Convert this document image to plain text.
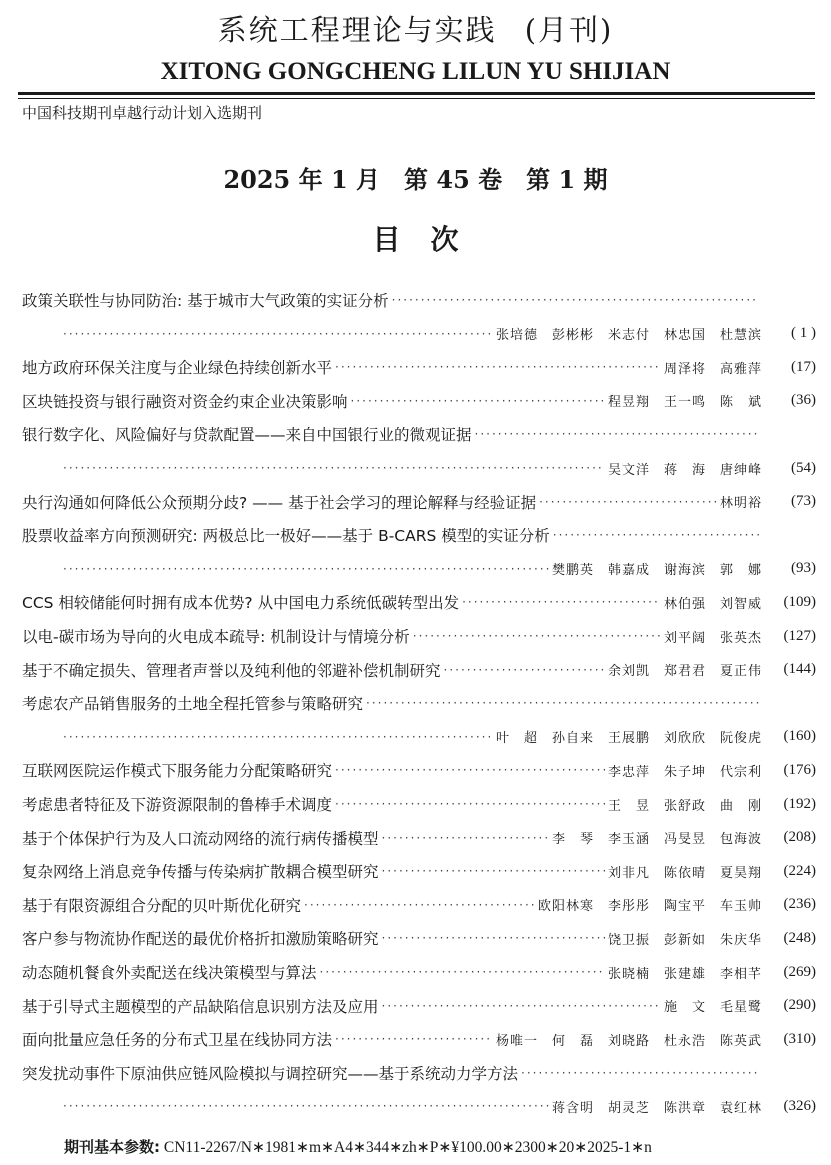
系统工程理论与实践 (月刊)
XITONG GONGCHENG LILUN YU SHIJIAN
中国科技期刊卓越行动计划入选期刊
2025 年 1 月　第 45 卷　第 1 期
目次
政策关联性与协同防治: 基于城市大气政策的实证分析
·····
·····
张培德　彭彬彬　米志付　林忠国　杜慧滨	( 1 )
地方政府环保关注度与企业绿色持续创新水平 ·····	周泽将　高雅萍	(17)
区块链投资与银行融资对资金约束企业决策影响 ·····	程昱翔　王一鸣　陈　斌	(36)
银行数字化、风险偏好与贷款配置——来自中国银行业的微观证据
·····
·····
吴文洋　蒋　海　唐绅峰	(54)
央行沟通如何降低公众预期分歧? —— 基于社会学习的理论解释与经验证据 ·····	林明裕	(73)
股票收益率方向预测研究: 两极总比一极好——基于 B-CARS 模型的实证分析
·····
·····
樊鹏英　韩嘉成　谢海滨　郭　娜	(93)
CCS 相较储能何时拥有成本优势? 从中国电力系统低碳转型出发 ·····	林伯强　刘智威	(109)
以电-碳市场为导向的火电成本疏导: 机制设计与情境分析 ·····	刘平阔　张英杰	(127)
基于不确定损失、管理者声誉以及纯利他的邻避补偿机制研究 ·····	余刘凯　郑君君　夏正伟	(144)
考虑农产品销售服务的土地全程托管参与策略研究
·····
·····
叶　超　孙自来　王展鹏　刘欣欣　阮俊虎	(160)
互联网医院运作模式下服务能力分配策略研究 ·····	李忠萍　朱子坤　代宗利	(176)
考虑患者特征及下游资源限制的鲁棒手术调度 ·····	王　昱　张舒政　曲　刚	(192)
基于个体保护行为及人口流动网络的流行病传播模型 ·····	李　琴　李玉涵　冯旻昱　包海波	(208)
复杂网络上消息竞争传播与传染病扩散耦合模型研究 ·····	刘非凡　陈依晴　夏昊翔	(224)
基于有限资源组合分配的贝叶斯优化研究 ·····	欧阳林寒　李彤彤　陶宝平　车玉帅	(236)
客户参与物流协作配送的最优价格折扣激励策略研究 ·····	饶卫振　彭新如　朱庆华	(248)
动态随机餐食外卖配送在线决策模型与算法 ·····	张晓楠　张建雄　李相芊	(269)
基于引导式主题模型的产品缺陷信息识别方法及应用 ·····	施　文　毛星鹭	(290)
面向批量应急任务的分布式卫星在线协同方法 ·····	杨唯一　何　磊　刘晓路　杜永浩　陈英武	(310)
突发扰动事件下原油供应链风险模拟与调控研究——基于系统动力学方法
·····
·····
蒋含明　胡灵芝　陈洪章　袁红林	(326)
期刊基本参数: CN11-2267/N∗1981∗m∗A4∗344∗zh∗P∗¥100.00∗2300∗20∗2025-1∗n
